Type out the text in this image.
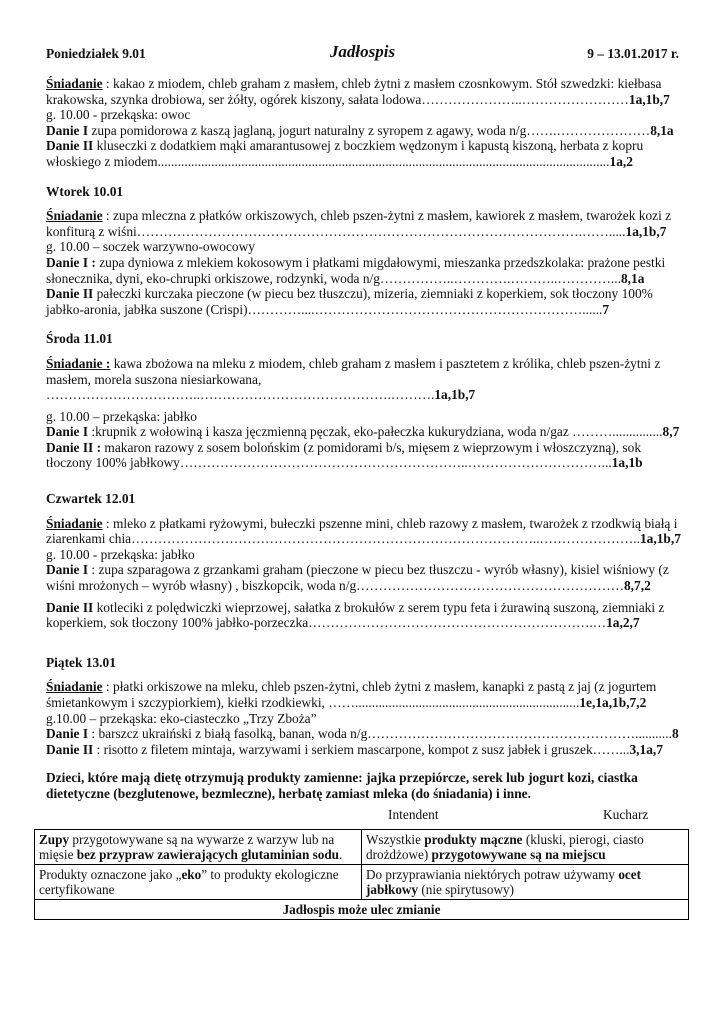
Poniedziałek 9.01	Jadłospis	9 – 13.01.2017 r.

Śniadanie : kakao z miodem, chleb graham z masłem, chleb żytni z masłem czosnkowym. Stół szwedzki: kiełbasa krakowska, szynka drobiowa, ser żółty, ogórek kiszony, sałata lodowa…………………..……………………1a,1b,7

g. 10.00 - przekąska: owoc

Danie I zupa pomidorowa z kaszą jaglaną, jogurt naturalny z syropem z agawy, woda n/g…….…………………8,1a

Danie II kluseczki z dodatkiem mąki amarantusowej z boczkiem wędzonym i kapustą kiszoną, herbata z kopru włoskiego z miodem.......................................................................................................................................1a,2

Wtorek 10.01

Śniadanie : zupa mleczna z płatków orkiszowych, chleb pszen-żytni z masłem, kawiorek z masłem, twarożek kozi z konfiturą z wiśni……………………………………………………………………………………….…….....1a,1b,7

g. 10.00 – soczek warzywno-owocowy

Danie I : zupa dyniowa z mlekiem kokosowym i płatkami migdałowymi, mieszanka przedszkolaka: prażone pestki słonecznika, dyni, eko-chrupki orkiszowe, rodzynki, woda n/g……………..………….………..…………...8,1a

Danie II pałeczki kurczaka pieczone (w piecu bez tłuszczu), mizeria, ziemniaki z koperkiem, sok tłoczony 100% jabłko-aronia, jabłka suszone (Crispi)…………....……………………………………………………......7

Środa 11.01

Śniadanie : kawa zbożowa na mleku z miodem, chleb graham z masłem i pasztetem z królika, chleb pszen-żytni z masłem, morela suszona niesiarkowana, ……………………………..…………………………………….……….1a,1b,7

g. 10.00 – przekąska: jabłko

Danie I :krupnik z wołowiną i kasza jęczmienną pęczak, eko-pałeczka kukurydziana, woda n/gaz ………...............8,7

Danie II : makaron razowy z sosem bolońskim (z pomidorami b/s, mięsem z wieprzowym i włoszczyzną), sok tłoczony 100% jabłkowy………………………………………………………..…………………………...1a,1b

Czwartek 12.01

Śniadanie : mleko z płatkami ryżowymi, bułeczki pszenne mini, chleb razowy z masłem, twarożek z rzodkwią białą i ziarenkami chia………………………………………………………………………………..…………………..1a,1b,7

g. 10.00 - przekąska: jabłko

Danie I : zupa szparagowa z grzankami graham (pieczone w piecu bez tłuszczu - wyrób własny), kisiel wiśniowy (z wiśni mrożonych – wyrób własny) , biszkopcik, woda n/g……………………………………………………8,7,2

Danie II kotleciki z polędwiczki wieprzowej, sałatka z brokułów z serem typu feta i żurawiną suszoną, ziemniaki z koperkiem, sok tłoczony 100% jabłko-porzeczka……………………………………………………….…1a,2,7

Piątek 13.01

Śniadanie : płatki orkiszowe na mleku, chleb pszen-żytni, chleb żytni z masłem, kanapki z pastą z jaj (z jogurtem śmietankowym i szczypiorkiem), kiełki rzodkiewki, ……...................................................................1e,1a,1b,7,2

g.10.00 – przekąska: eko-ciasteczko „Trzy Zboża”

Danie I : barszcz ukraiński z białą fasolką, banan, woda n/g……………………………………………………...........8

Danie II : risotto z filetem mintaja, warzywami i serkiem mascarpone, kompot z susz jabłek i gruszek……...3,1a,7

Dzieci, które mają dietę otrzymują produkty zamienne: jajka przepiórcze, serek lub jogurt kozi, ciastka dietetyczne (bezglutenowe, bezmleczne), herbatę zamiast mleka (do śniadania) i inne.

Intendent	Kucharz
Zupy przygotowywane są na wywarze z warzyw lub na mięsie bez przypraw zawierających glutaminian sodu.	Wszystkie produkty mączne (kluski, pierogi, ciasto drożdżowe) przygotowywane są na miejscu
Produkty oznaczone jako „eko” to produkty ekologiczne certyfikowane	Do przyprawiania niektórych potraw używamy ocet jabłkowy (nie spirytusowy)
Jadłospis może ulec zmianie	
